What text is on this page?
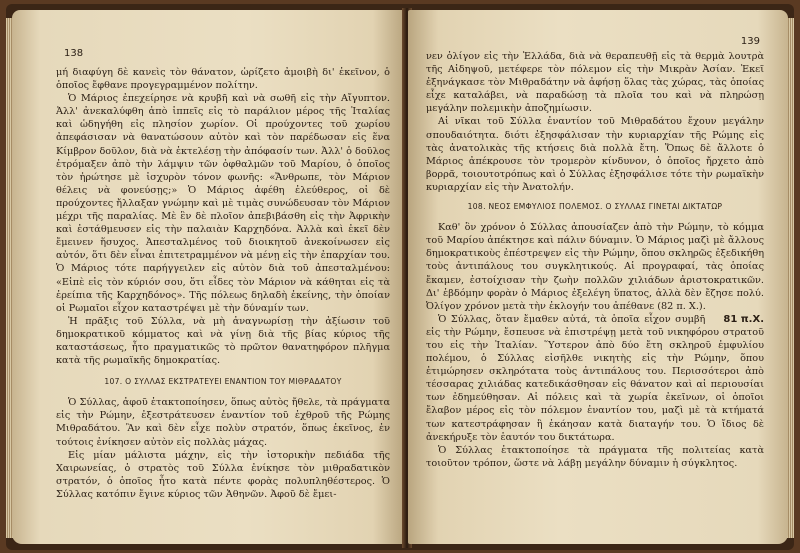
138

μή διαφύγη δὲ κανεὶς τὸν θάνατον, ὡρίζετο ἀμοιβὴ δι' ἐκεῖνον, ὁ ὁποῖος ἔφθανε προγεγραμμένον πολίτην.

Ὁ Μάριος ἐπεχείρησε νὰ κρυβῆ καὶ νὰ σωθῆ εἰς τὴν Αἴγυπτον. Ἀλλ' ἀνεκαλύφθη ἀπὸ ἱππεῖς εἰς τὸ παράλιον μέρος τῆς Ἰταλίας καὶ ὡδηγήθη εἰς πλησίον χωρίον. Οἱ προύχοντες τοῦ χωρίου ἀπεφάσισαν νὰ θανατώσουν αὐτὸν καὶ τὸν παρέδωσαν εἰς ἕνα Κίμβρον δοῦλον, διὰ νὰ ἐκτελέσῃ τὴν ἀπόφασίν των. Ἀλλ' ὁ δοῦλος ἐτρόμαξεν ἀπὸ τὴν λάμψιν τῶν ὀφθαλμῶν τοῦ Μαρίου, ὁ ὁποῖος τὸν ἠρώτησε μὲ ἰσχυρὸν τόνον φωνῆς: «Ἄνθρωπε, τὸν Μάριον θέλεις νὰ φονεύσῃς;» Ὁ Μάριος ἀφέθη ἐλεύθερος, οἱ δὲ προύχοντες ἤλλαξαν γνώμην καὶ μὲ τιμὰς συνώδευσαν τὸν Μάριον μέχρι τῆς παραλίας. Μὲ ἓν δὲ πλοῖον ἀπεβιβάσθη εἰς τὴν Ἀφρικὴν καὶ ἐστάθμευσεν εἰς τὴν παλαιὰν Καρχηδόνα. Ἀλλὰ καὶ ἐκεῖ δὲν ἔμεινεν ἥσυχος. Ἀπεσταλμένος τοῦ διοικητοῦ ἀνεκοίνωσεν εἰς αὐτόν, ὅτι δὲν εἶναι ἐπιτετραμμένον νὰ μένῃ εἰς τὴν ἐπαρχίαν του. Ὁ Μάριος τότε παρήγγειλεν εἰς αὐτὸν διὰ τοῦ ἀπεσταλμένου: «Εἰπὲ εἰς τὸν κύριόν σου, ὅτι εἶδες τὸν Μάριον νὰ κάθηται εἰς τὰ ἐρείπια τῆς Καρχηδόνος». Τῆς πόλεως δηλαδὴ ἐκείνης, τὴν ὁποίαν οἱ Ρωμαῖοι εἶχον καταστρέψει μὲ τὴν δύναμίν των.

Ἡ πρᾶξις τοῦ Σύλλα, νὰ μὴ ἀναγνωρίσῃ τὴν ἀξίωσιν τοῦ δημοκρατικοῦ κόμματος καὶ νὰ γίνῃ διὰ τῆς βίας κύριος τῆς καταστάσεως, ἦτο πραγματικῶς τὸ πρῶτον θανατηφόρον πλῆγμα κατὰ τῆς ρωμαϊκῆς δημοκρατίας.

107. Ο ΣΥΛΛΑΣ ΕΚΣΤΡΑΤΕΥΕΙ ΕΝΑΝΤΙΟΝ ΤΟΥ ΜΙΘΡΑΔΑΤΟΥ

Ὁ Σύλλας, ἀφοῦ ἐτακτοποίησεν, ὅπως αὐτὸς ἤθελε, τὰ πράγματα εἰς τὴν Ρώμην, ἐξεστράτευσεν ἐναντίον τοῦ ἐχθροῦ τῆς Ρώμης Μιθραδάτου. Ἂν καὶ δὲν εἶχε πολὺν στρατόν, ὅπως ἐκεῖνος, ἐν τούτοις ἐνίκησεν αὐτὸν εἰς πολλὰς μάχας.

Εἰς μίαν μάλιστα μάχην, εἰς τὴν ἱστορικὴν πεδιάδα τῆς Χαιρωνείας, ὁ στρατὸς τοῦ Σύλλα ἐνίκησε τὸν μιθραδατικὸν στρατόν, ὁ ὁποῖος ἦτο κατὰ πέντε φορὰς πολυπληθέστερος. Ὁ Σύλλας κατόπιν ἔγινε κύριος τῶν Ἀθηνῶν. Ἀφοῦ δὲ ἔμει-

139

νεν ὀλίγον εἰς τὴν Ἑλλάδα, διὰ νὰ θεραπευθῇ εἰς τὰ θερμὰ λουτρὰ τῆς Αἰδηψοῦ, μετέφερε τὸν πόλεμον εἰς τὴν Μικρὰν Ἀσίαν. Ἐκεῖ ἐξηνάγκασε τὸν Μιθραδάτην νὰ ἀφήσῃ ὅλας τὰς χώρας, τὰς ὁποίας εἶχε καταλάβει, νὰ παραδώσῃ τὰ πλοῖα του καὶ νὰ πληρώσῃ μεγάλην πολεμικὴν ἀποζημίωσιν.

Αἱ νῖκαι τοῦ Σύλλα ἐναντίον τοῦ Μιθραδάτου ἔχουν μεγάλην σπουδαιότητα. διότι ἐξησφάλισαν τὴν κυριαρχίαν τῆς Ρώμης εἰς τὰς ἀνατολικὰς τῆς κτήσεις διὰ πολλὰ ἔτη. Ὅπως δὲ ἄλλοτε ὁ Μάριος ἀπέκρουσε τὸν τρομερὸν κίνδυνον, ὁ ὁποῖος ἤρχετο ἀπὸ βορρᾶ, τοιουτοτρόπως καὶ ὁ Σύλλας ἐξησφάλισε τότε τὴν ρωμαϊκὴν κυριαρχίαν εἰς τὴν Ἀνατολήν.

108. ΝΕΟΣ ΕΜΦΥΛΙΟΣ ΠΟΛΕΜΟΣ. Ο ΣΥΛΛΑΣ ΓΙΝΕΤΑΙ ΔΙΚΤΑΤΩΡ

Καθ' ὃν χρόνον ὁ Σύλλας ἀπουσίαζεν ἀπὸ τὴν Ρώμην, τὸ κόμμα τοῦ Μαρίου ἀπέκτησε καὶ πάλιν δύναμιν. Ὁ Μάριος μαζὶ μὲ ἄλλους δημοκρατικοὺς ἐπέστρεψεν εἰς τὴν Ρώμην, ὅπου σκληρῶς ἐξεδικήθη τοὺς ἀντιπάλους του συγκλητικούς. Αἱ προγραφαί, τὰς ὁποίας ἔκαμεν, ἐστοίχισαν τὴν ζωὴν πολλῶν χιλιάδων ἀριστοκρατικῶν. Δι' ἑβδόμην φορὰν ὁ Μάριος ἐξελέγη ὕπατος, ἀλλὰ δὲν ἔζησε πολύ. Ὀλίγον χρόνον μετὰ τὴν ἐκλογήν του ἀπέθανε (82 π. Χ.).

81 π.Χ.
Ὁ Σύλλας, ὅταν ἔμαθεν αὐτά, τὰ ὁποῖα εἶχον συμβῆ εἰς τὴν Ρώμην, ἔσπευσε νὰ ἐπιστρέψῃ μετὰ τοῦ νικηφόρου στρατοῦ του εἰς τὴν Ἰταλίαν. Ὕστερον ἀπὸ δύο ἔτη σκληροῦ ἐμφυλίου πολέμου, ὁ Σύλλας εἰσῆλθε νικητὴς εἰς τὴν Ρώμην, ὅπου ἐτιμώρησεν σκληρότατα τοὺς ἀντιπάλους του. Περισσότεροι ἀπὸ τέσσαρας χιλιάδας κατεδικάσθησαν εἰς θάνατον καὶ αἱ περιουσίαι των ἐδημεύθησαν. Αἱ πόλεις καὶ τὰ χωρία ἐκεῖνων, οἱ ὁποῖοι ἔλαβον μέρος εἰς τὸν πόλεμον ἐναντίον του, μαζὶ μὲ τὰ κτήματά των κατεστράφησαν ἢ ἐκάησαν κατὰ διαταγήν του. Ὁ ἴδιος δὲ ἀνεκήρυξε τὸν ἑαυτόν του δικτάτωρα.

Ὁ Σύλλας ἐτακτοποίησε τὰ πράγματα τῆς πολιτείας κατὰ τοιοῦτον τρόπον, ὥστε νὰ λάβῃ μεγάλην δύναμιν ἡ σύγκλητος.
